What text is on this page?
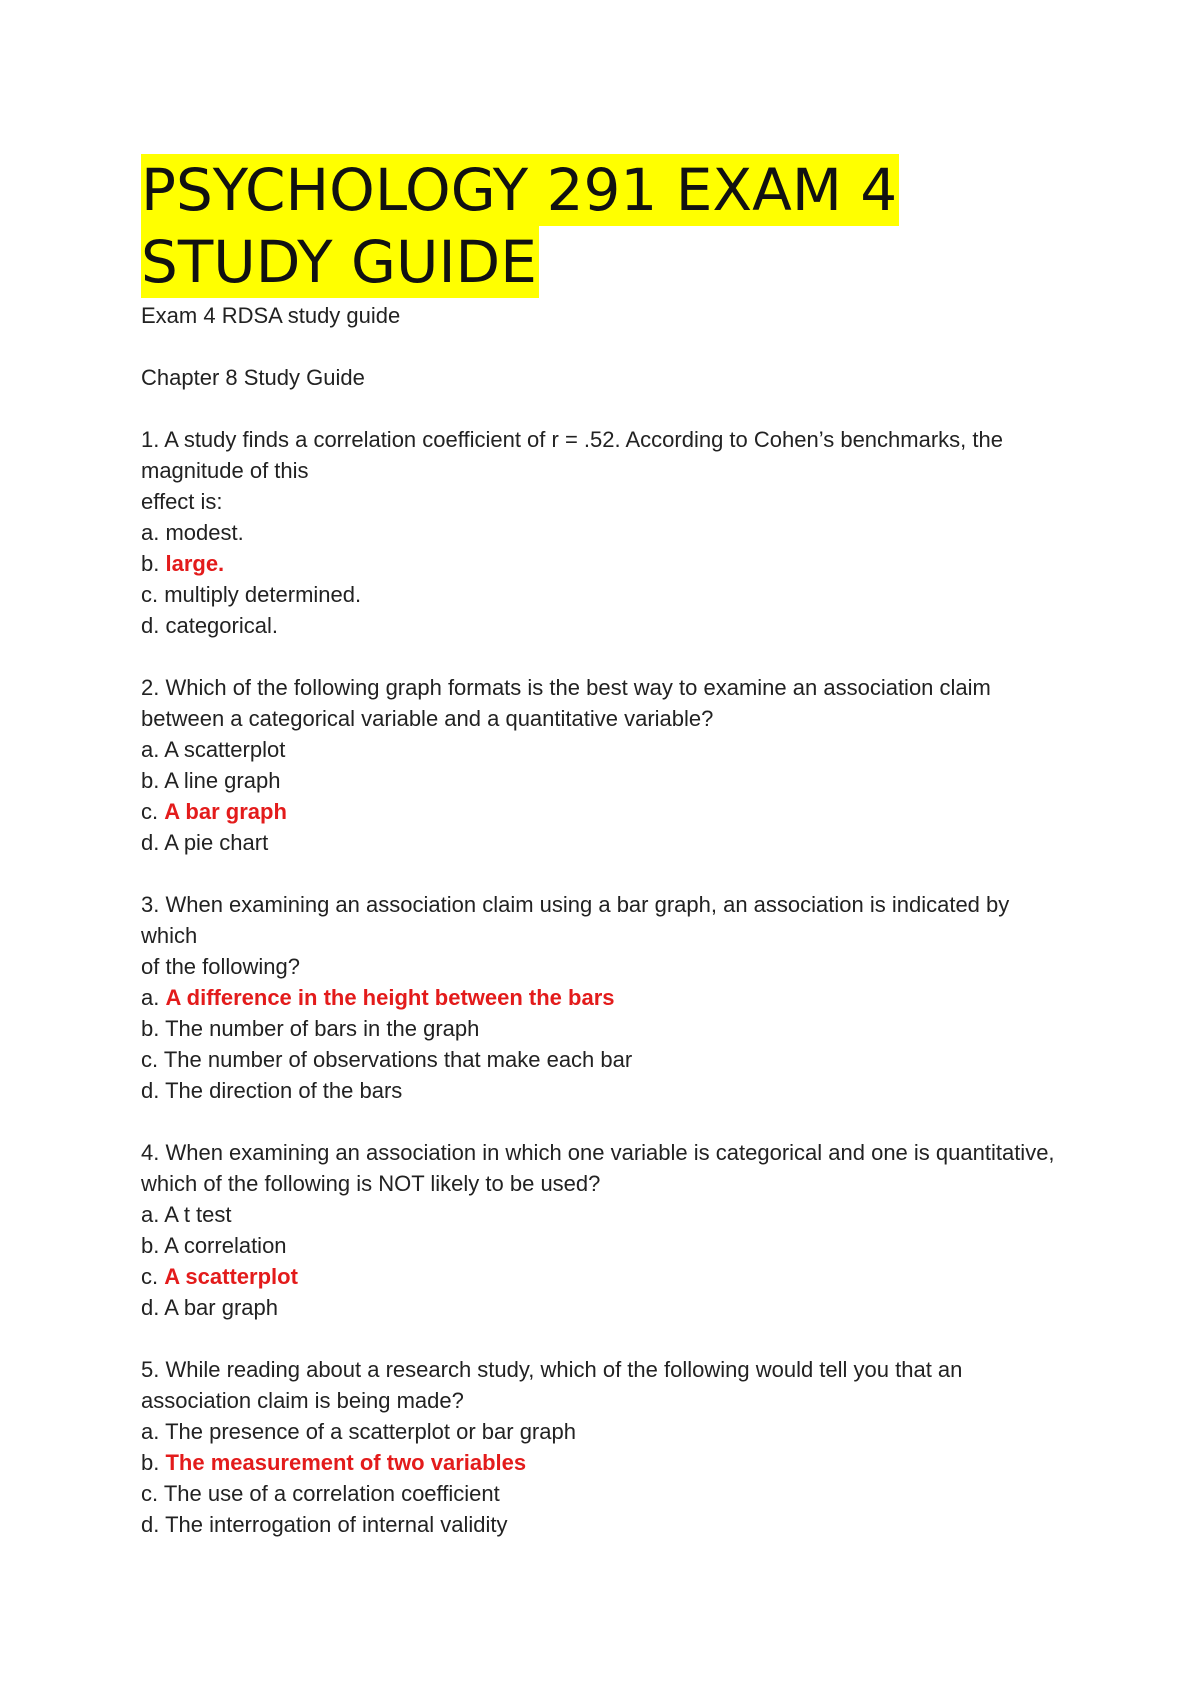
PSYCHOLOGY 291 EXAM 4
STUDY GUIDE
Exam 4 RDSA study guide
Chapter 8 Study Guide
1. A study finds a correlation coefficient of r = .52. According to Cohen’s benchmarks, the
magnitude of this
effect is:
a. modest.
b. large.
c. multiply determined.
d. categorical.
2. Which of the following graph formats is the best way to examine an association claim
between a categorical variable and a quantitative variable?
a. A scatterplot
b. A line graph
c. A bar graph
d. A pie chart
3. When examining an association claim using a bar graph, an association is indicated by which
of the following?
a. A difference in the height between the bars
b. The number of bars in the graph
c. The number of observations that make each bar
d. The direction of the bars
4. When examining an association in which one variable is categorical and one is quantitative,
which of the following is NOT likely to be used?
a. A t test
b. A correlation
c. A scatterplot
d. A bar graph
5. While reading about a research study, which of the following would tell you that an
association claim is being made?
a. The presence of a scatterplot or bar graph
b. The measurement of two variables
c. The use of a correlation coefficient
d. The interrogation of internal validity
